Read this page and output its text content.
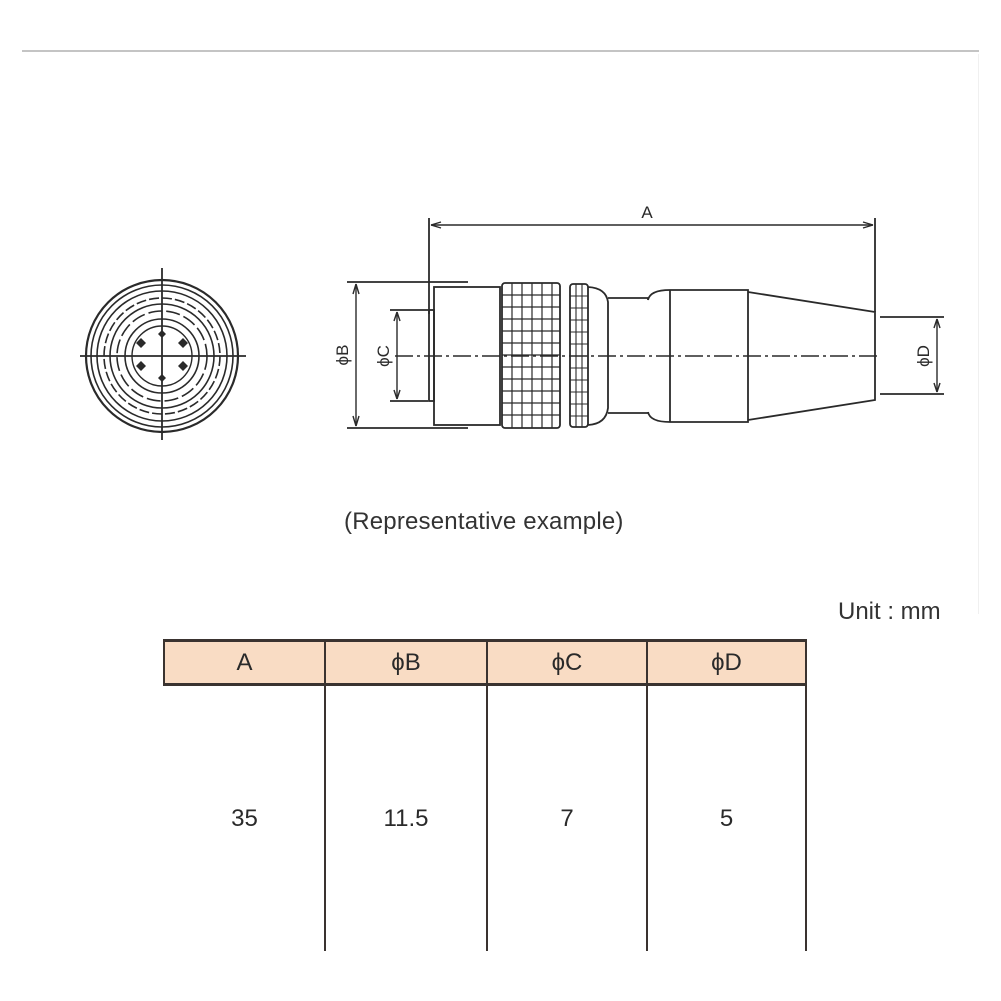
A
ϕB ϕC	ϕD
(Representative example)
Unit : mm
A	ϕB	ϕC	ϕD
35	11.5	7	5
